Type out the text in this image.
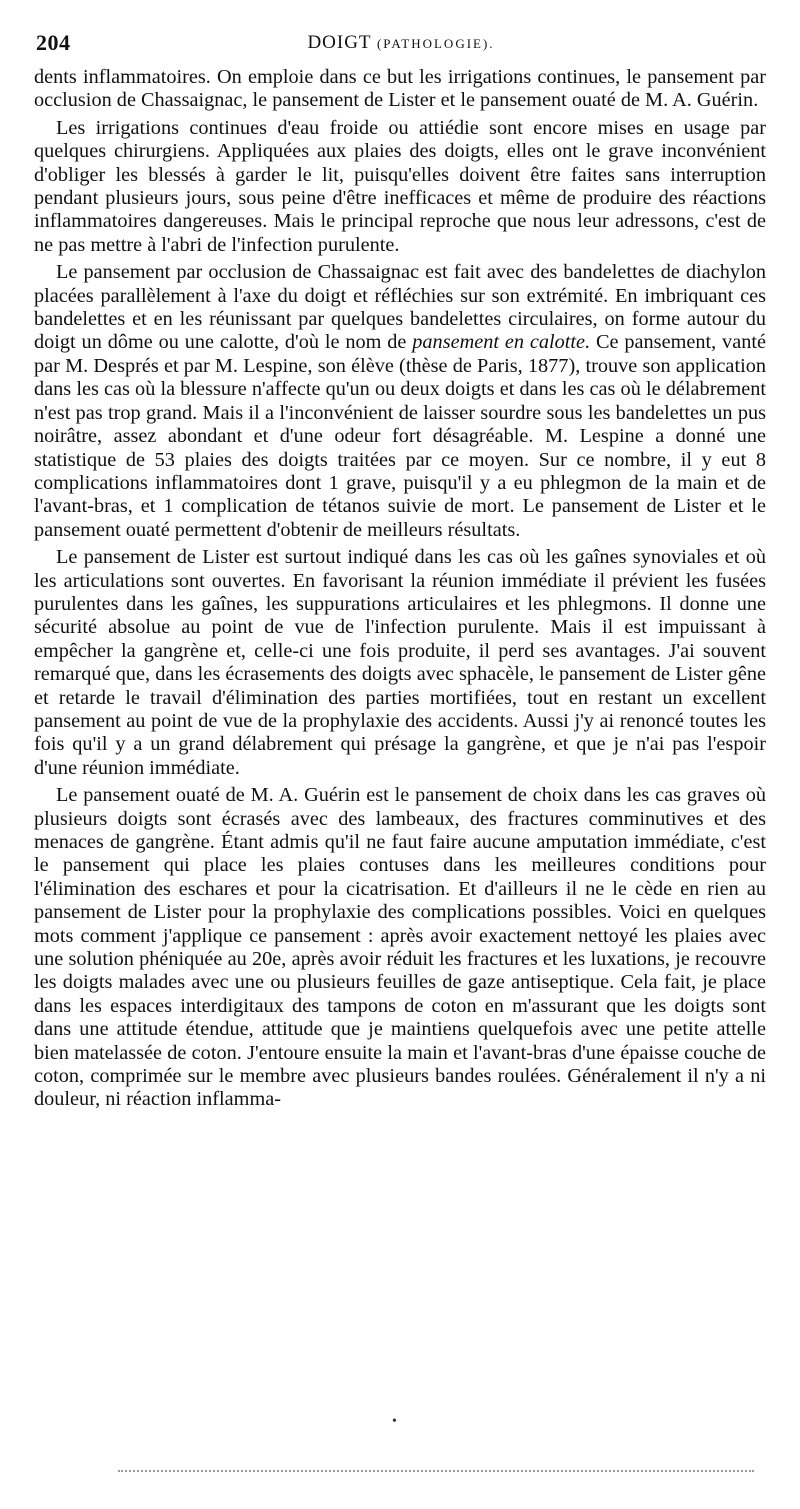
204	DOIGT (PATHOLOGIE).

dents inflammatoires. On emploie dans ce but les irrigations continues, le pansement par occlusion de Chassaignac, le pansement de Lister et le pansement ouaté de M. A. Guérin.

Les irrigations continues d'eau froide ou attiédie sont encore mises en usage par quelques chirurgiens. Appliquées aux plaies des doigts, elles ont le grave inconvénient d'obliger les blessés à garder le lit, puisqu'elles doivent être faites sans interruption pendant plusieurs jours, sous peine d'être inefficaces et même de produire des réactions inflammatoires dangereuses. Mais le principal reproche que nous leur adressons, c'est de ne pas mettre à l'abri de l'infection purulente.

Le pansement par occlusion de Chassaignac est fait avec des bandelettes de diachylon placées parallèlement à l'axe du doigt et réfléchies sur son extrémité. En imbriquant ces bandelettes et en les réunissant par quelques bandelettes circulaires, on forme autour du doigt un dôme ou une calotte, d'où le nom de pansement en calotte. Ce pansement, vanté par M. Després et par M. Lespine, son élève (thèse de Paris, 1877), trouve son application dans les cas où la blessure n'affecte qu'un ou deux doigts et dans les cas où le délabrement n'est pas trop grand. Mais il a l'inconvénient de laisser sourdre sous les bandelettes un pus noirâtre, assez abondant et d'une odeur fort désagréable. M. Lespine a donné une statistique de 53 plaies des doigts traitées par ce moyen. Sur ce nombre, il y eut 8 complications inflammatoires dont 1 grave, puisqu'il y a eu phlegmon de la main et de l'avant-bras, et 1 complication de tétanos suivie de mort. Le pansement de Lister et le pansement ouaté permettent d'obtenir de meilleurs résultats.

Le pansement de Lister est surtout indiqué dans les cas où les gaînes synoviales et où les articulations sont ouvertes. En favorisant la réunion immédiate il prévient les fusées purulentes dans les gaînes, les suppurations articulaires et les phlegmons. Il donne une sécurité absolue au point de vue de l'infection purulente. Mais il est impuissant à empêcher la gangrène et, celle-ci une fois produite, il perd ses avantages. J'ai souvent remarqué que, dans les écrasements des doigts avec sphacèle, le pansement de Lister gêne et retarde le travail d'élimination des parties mortifiées, tout en restant un excellent pansement au point de vue de la prophylaxie des accidents. Aussi j'y ai renoncé toutes les fois qu'il y a un grand délabrement qui présage la gangrène, et que je n'ai pas l'espoir d'une réunion immédiate.

Le pansement ouaté de M. A. Guérin est le pansement de choix dans les cas graves où plusieurs doigts sont écrasés avec des lambeaux, des fractures comminutives et des menaces de gangrène. Étant admis qu'il ne faut faire aucune amputation immédiate, c'est le pansement qui place les plaies contuses dans les meilleures conditions pour l'élimination des eschares et pour la cicatrisation. Et d'ailleurs il ne le cède en rien au pansement de Lister pour la prophylaxie des complications possibles. Voici en quelques mots comment j'applique ce pansement : après avoir exactement nettoyé les plaies avec une solution phéniquée au 20e, après avoir réduit les fractures et les luxations, je recouvre les doigts malades avec une ou plusieurs feuilles de gaze antiseptique. Cela fait, je place dans les espaces interdigitaux des tampons de coton en m'assurant que les doigts sont dans une attitude étendue, attitude que je maintiens quelquefois avec une petite attelle bien matelassée de coton. J'entoure ensuite la main et l'avant-bras d'une épaisse couche de coton, comprimée sur le membre avec plusieurs bandes roulées. Généralement il n'y a ni douleur, ni réaction inflamma-

•
